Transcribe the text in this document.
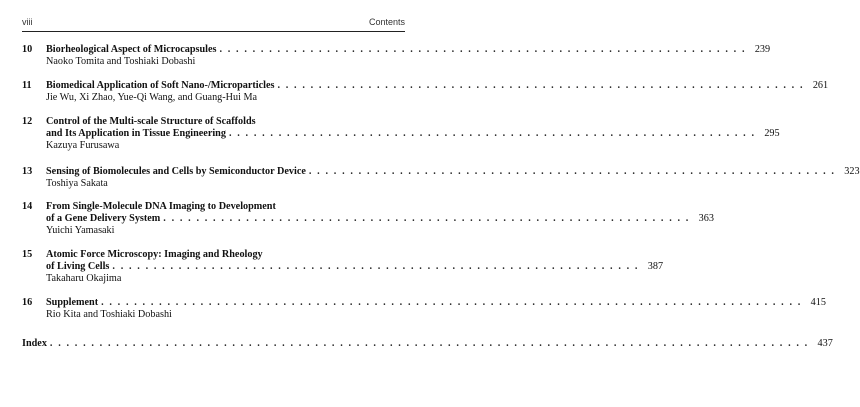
viii	Contents
10	Biorheological Aspect of Microcapsules . . . . . . . . . . . . . . . . . . . . . . . . . . . . . . . . . . . . . . . . . . . . . . . . . . . . . . . . . . . . . . . . 239
Naoko Tomita and Toshiaki Dobashi
11	Biomedical Application of Soft Nano-/Microparticles . . . . . . . . . . . . . . . . . . . . . . . . . . . . . . . . . . . . . . . . . . . . . . . . . . . . . . . . . . . . . . . . 261
Jie Wu, Xi Zhao, Yue-Qi Wang, and Guang-Hui Ma
12	Control of the Multi-scale Structure of Scaffolds
and Its Application in Tissue Engineering . . . . . . . . . . . . . . . . . . . . . . . . . . . . . . . . . . . . . . . . . . . . . . . . . . . . . . . . . . . . . . . . 295
Kazuya Furusawa
13	Sensing of Biomolecules and Cells by Semiconductor Device . . . . . . . . . . . . . . . . . . . . . . . . . . . . . . . . . . . . . . . . . . . . . . . . . . . . . . . . . . . . . . . . 323
Toshiya Sakata
14	From Single-Molecule DNA Imaging to Development
of a Gene Delivery System . . . . . . . . . . . . . . . . . . . . . . . . . . . . . . . . . . . . . . . . . . . . . . . . . . . . . . . . . . . . . . . . 363
Yuichi Yamasaki
15	Atomic Force Microscopy: Imaging and Rheology
of Living Cells . . . . . . . . . . . . . . . . . . . . . . . . . . . . . . . . . . . . . . . . . . . . . . . . . . . . . . . . . . . . . . . . 387
Takaharu Okajima
16	Supplement . . . . . . . . . . . . . . . . . . . . . . . . . . . . . . . . . . . . . . . . . . . . . . . . . . . . . . . . . . . . . . . . . . . . . . . . . . . . . . . . . . . . . 415
Rio Kita and Toshiaki Dobashi
Index . . . . . . . . . . . . . . . . . . . . . . . . . . . . . . . . . . . . . . . . . . . . . . . . . . . . . . . . . . . . . . . . . . . . . . . . . . . . . . . . . . . . . . . . . . . . 437
